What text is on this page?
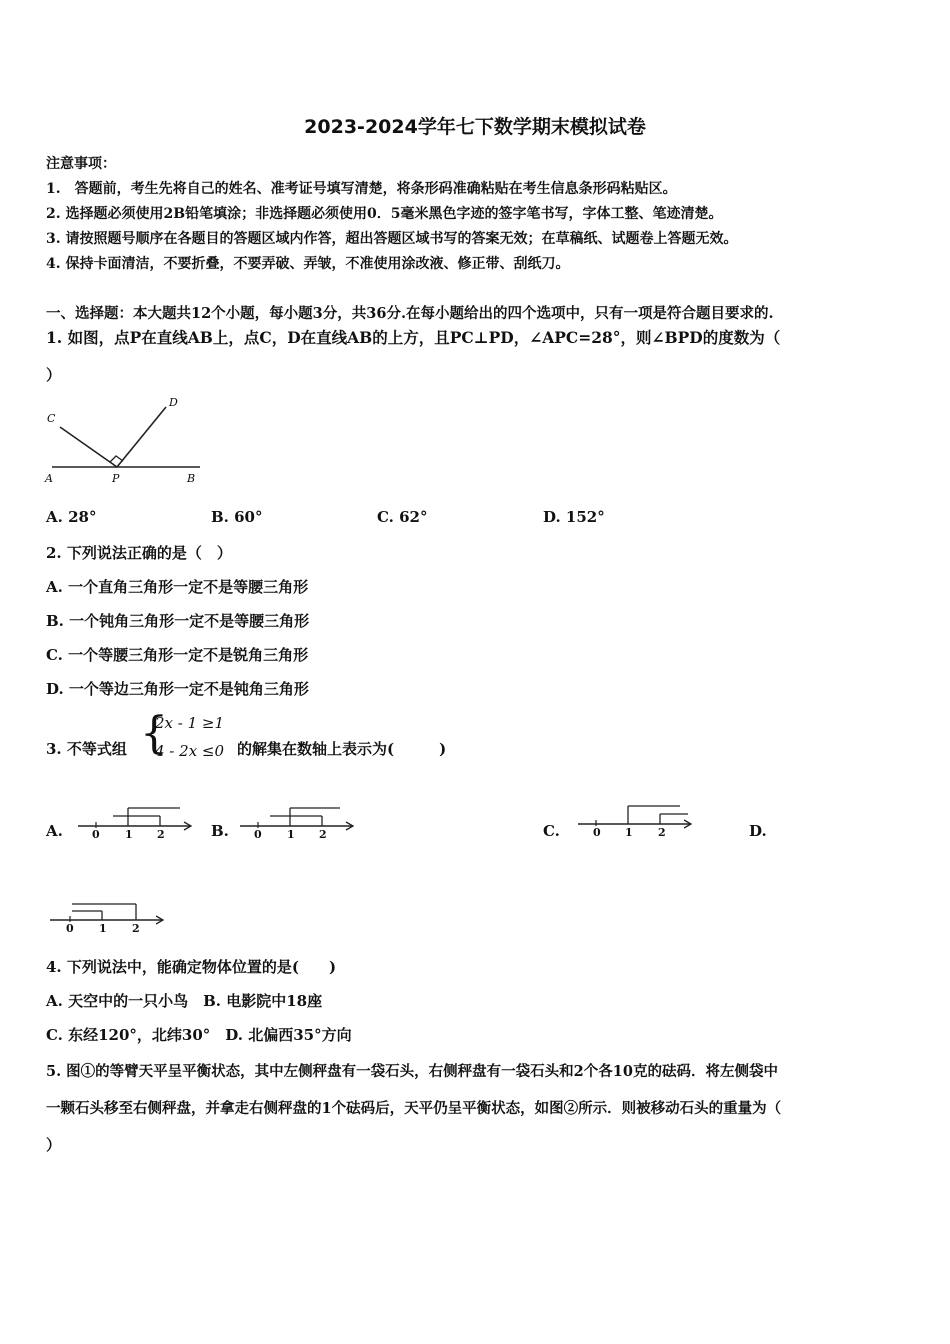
2023-2024学年七下数学期末模拟试卷
注意事项：
1.　答题前，考生先将自己的姓名、准考证号填写清楚，将条形码准确粘贴在考生信息条形码粘贴区。
2. 选择题必须使用2B铅笔填涂；非选择题必须使用0．5毫米黑色字迹的签字笔书写，字体工整、笔迹清楚。
3. 请按照题号顺序在各题目的答题区域内作答，超出答题区域书写的答案无效；在草稿纸、试题卷上答题无效。
4. 保持卡面清洁，不要折叠，不要弄破、弄皱，不准使用涂改液、修正带、刮纸刀。
一、选择题：本大题共12个小题，每小题3分，共36分.在每小题给出的四个选项中，只有一项是符合题目要求的.
1. 如图，点P在直线AB上，点C，D在直线AB的上方，且PC⊥PD，∠APC=28°，则∠BPD的度数为（
）
C
D
A	P	B
A. 28°	B. 60°	C. 62°	D. 152°
2. 下列说法正确的是（　）
A. 一个直角三角形一定不是等腰三角形
B. 一个钝角三角形一定不是等腰三角形
C. 一个等腰三角形一定不是锐角三角形
D. 一个等边三角形一定不是钝角三角形
3. 不等式组 {
2x - 1 ≥1
4 - 2x ≤0 的解集在数轴上表示为(　　　)
A.	0 1 2	B. 0 1 2	C.	0 1 2	D.
0 1 2
4. 下列说法中，能确定物体位置的是(　　)
A. 天空中的一只小鸟　B. 电影院中18座
C. 东经120°，北纬30°　D. 北偏西35°方向
5. 图①的等臂天平呈平衡状态，其中左侧秤盘有一袋石头，右侧秤盘有一袋石头和2个各10克的砝码．将左侧袋中
一颗石头移至右侧秤盘，并拿走右侧秤盘的1个砝码后，天平仍呈平衡状态，如图②所示．则被移动石头的重量为（
）
